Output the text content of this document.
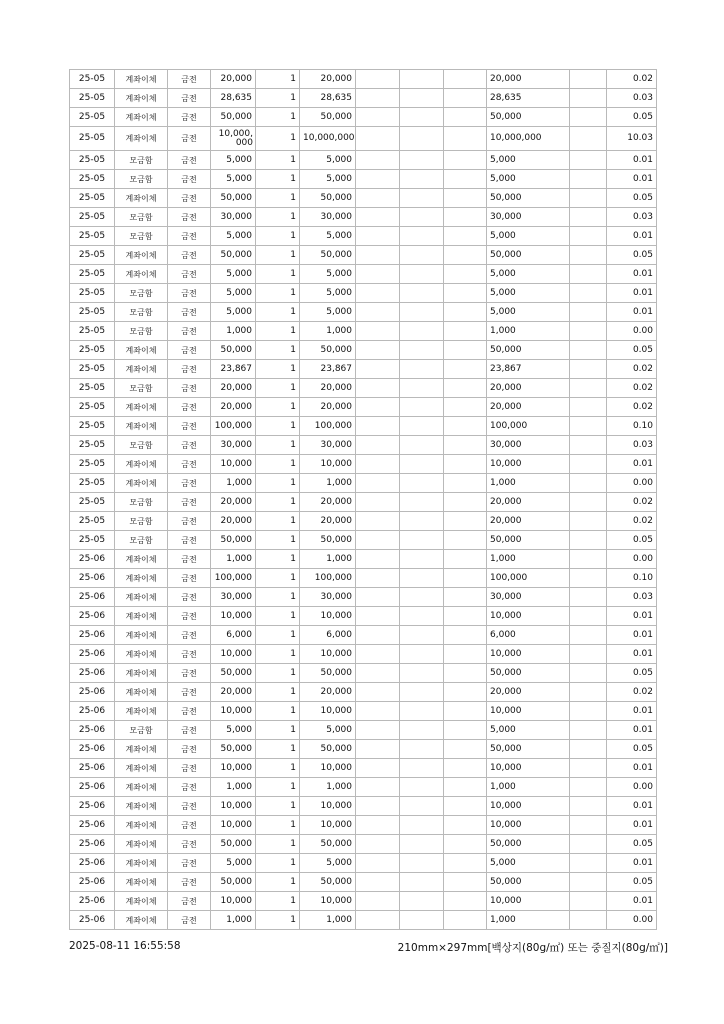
25-05	계좌이체	금전	20,000	1	20,000				20,000		0.02
25-05	계좌이체	금전	28,635	1	28,635				28,635		0.03
25-05	계좌이체	금전	50,000	1	50,000				50,000		0.05
25-05	계좌이체	금전	10,000,000	1	10,000,000				10,000,000		10.03
25-05	모금함	금전	5,000	1	5,000				5,000		0.01
25-05	모금함	금전	5,000	1	5,000				5,000		0.01
25-05	계좌이체	금전	50,000	1	50,000				50,000		0.05
25-05	모금함	금전	30,000	1	30,000				30,000		0.03
25-05	모금함	금전	5,000	1	5,000				5,000		0.01
25-05	계좌이체	금전	50,000	1	50,000				50,000		0.05
25-05	계좌이체	금전	5,000	1	5,000				5,000		0.01
25-05	모금함	금전	5,000	1	5,000				5,000		0.01
25-05	모금함	금전	5,000	1	5,000				5,000		0.01
25-05	모금함	금전	1,000	1	1,000				1,000		0.00
25-05	계좌이체	금전	50,000	1	50,000				50,000		0.05
25-05	계좌이체	금전	23,867	1	23,867				23,867		0.02
25-05	모금함	금전	20,000	1	20,000				20,000		0.02
25-05	계좌이체	금전	20,000	1	20,000				20,000		0.02
25-05	계좌이체	금전	100,000	1	100,000				100,000		0.10
25-05	모금함	금전	30,000	1	30,000				30,000		0.03
25-05	계좌이체	금전	10,000	1	10,000				10,000		0.01
25-05	계좌이체	금전	1,000	1	1,000				1,000		0.00
25-05	모금함	금전	20,000	1	20,000				20,000		0.02
25-05	모금함	금전	20,000	1	20,000				20,000		0.02
25-05	모금함	금전	50,000	1	50,000				50,000		0.05
25-06	계좌이체	금전	1,000	1	1,000				1,000		0.00
25-06	계좌이체	금전	100,000	1	100,000				100,000		0.10
25-06	계좌이체	금전	30,000	1	30,000				30,000		0.03
25-06	계좌이체	금전	10,000	1	10,000				10,000		0.01
25-06	계좌이체	금전	6,000	1	6,000				6,000		0.01
25-06	계좌이체	금전	10,000	1	10,000				10,000		0.01
25-06	계좌이체	금전	50,000	1	50,000				50,000		0.05
25-06	계좌이체	금전	20,000	1	20,000				20,000		0.02
25-06	계좌이체	금전	10,000	1	10,000				10,000		0.01
25-06	모금함	금전	5,000	1	5,000				5,000		0.01
25-06	계좌이체	금전	50,000	1	50,000				50,000		0.05
25-06	계좌이체	금전	10,000	1	10,000				10,000		0.01
25-06	계좌이체	금전	1,000	1	1,000				1,000		0.00
25-06	계좌이체	금전	10,000	1	10,000				10,000		0.01
25-06	계좌이체	금전	10,000	1	10,000				10,000		0.01
25-06	계좌이체	금전	50,000	1	50,000				50,000		0.05
25-06	계좌이체	금전	5,000	1	5,000				5,000		0.01
25-06	계좌이체	금전	50,000	1	50,000				50,000		0.05
25-06	계좌이체	금전	10,000	1	10,000				10,000		0.01
25-06	계좌이체	금전	1,000	1	1,000				1,000		0.00
2025-08-11 16:55:58	210mm×297mm[백상지(80g/㎡) 또는 중질지(80g/㎡)]
